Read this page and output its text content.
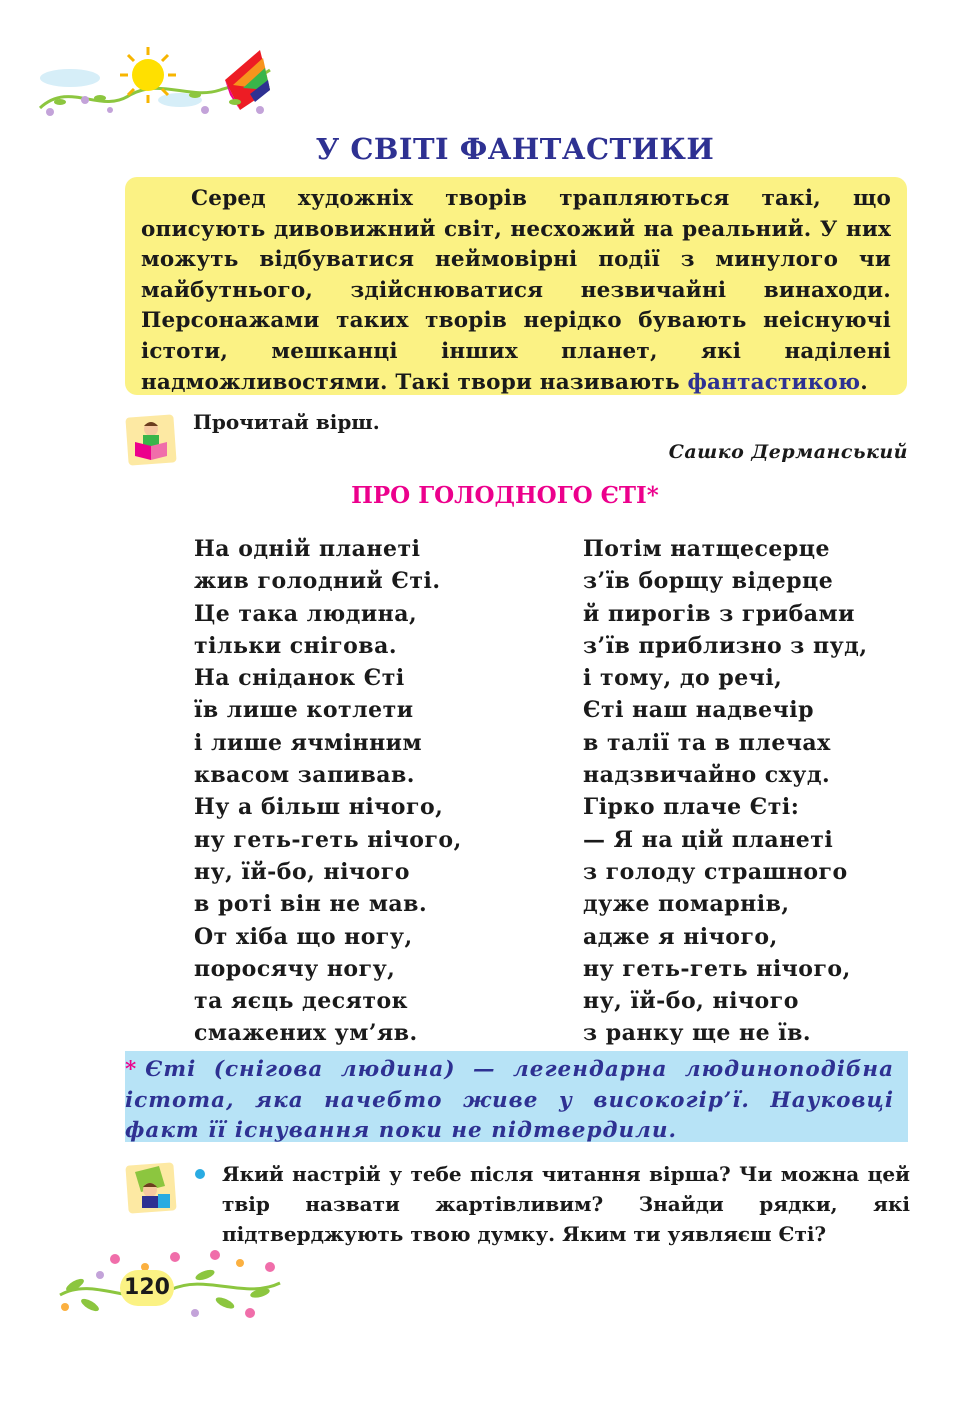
У СВІТІ ФАНТАСТИКИ
Серед художніх творів трапляються такі, що описують дивовижний світ, несхожий на реальний. У них можуть відбуватися неймовірні події з минулого чи майбутнього, здійснюватися незвичайні винаходи. Персонажами таких творів нерідко бувають неіснуючі істоти, мешканці інших планет, які наділені надможливостями. Такі твори називають фантастикою.
Прочитай вірш.
Сашко Дерманський
ПРО ГОЛОДНОГО ЄТІ*
На одній планеті
жив голодний Єті.
Це така людина,
тільки снігова.
На сніданок Єті
їв лише котлети
і лише ячмінним
квасом запивав.
Ну а більш нічого,
ну геть-геть нічого,
ну, їй-бо, нічого
в роті він не мав.
От хіба що ногу,
поросячу ногу,
та яєць десяток
смажених ум’яв.
Потім натщесерце
з’їв борщу відерце
й пирогів з грибами
з’їв приблизно з пуд,
і тому, до речі,
Єті наш надвечір
в талії та в плечах
надзвичайно схуд.
Гірко плаче Єті:
— Я на цій планеті
з голоду страшного
дуже помарнів,
адже я нічого,
ну геть-геть нічого,
ну, їй-бо, нічого
з ранку ще не їв.
* Єті (снігова людина) — легендарна людиноподібна істота, яка начебто живе у високогір’ї. Науковці факт її існування поки не підтвердили.
Який настрій у тебе після читання вірша? Чи можна цей твір назвати жартівливим? Знайди рядки, які підтверджують твою думку. Яким ти уявляєш Єті?
120
